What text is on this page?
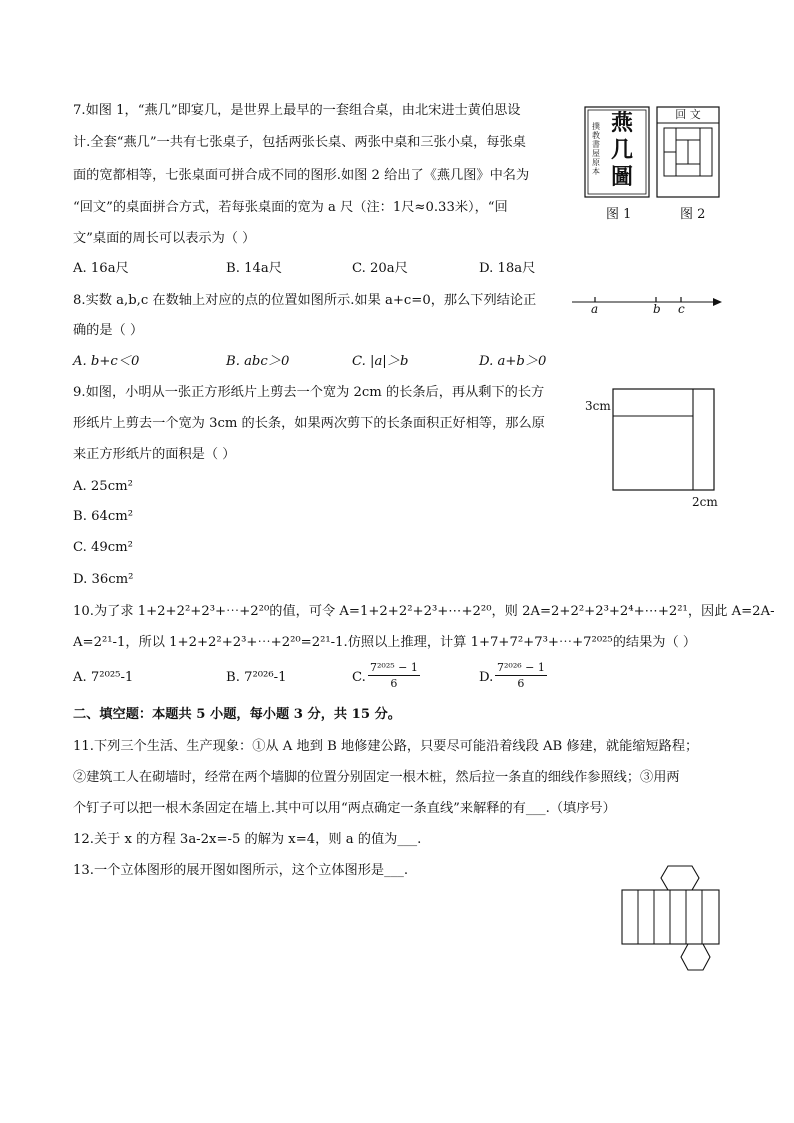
7.如图 1，“燕几”即宴几，是世界上最早的一套组合桌，由北宋进士黄伯思设
计.全套“燕几”一共有七张桌子，包括两张长桌、两张中桌和三张小桌，每张桌
面的宽都相等，七张桌面可拼合成不同的图形.如图 2 给出了《燕几图》中名为
“回文”的桌面拼合方式，若每张桌面的宽为 a 尺（注：1尺≈0.33米），“回
文”桌面的周长可以表示为（ ）
A. 16a尺	B. 14a尺	C. 20a尺	D. 18a尺
撲教書屋原本
燕几圖
回 文
图 1	图 2
8.实数 a,b,c 在数轴上对应的点的位置如图所示.如果 a+c=0，那么下列结论正
确的是（ ）
A. b+c＜0	B. abc＞0	C. |a|＞b	D. a+b＞0
a	b c
9.如图，小明从一张正方形纸片上剪去一个宽为 2cm 的长条后，再从剩下的长方
形纸片上剪去一个宽为 3cm 的长条，如果两次剪下的长条面积正好相等，那么原
来正方形纸片的面积是（ ）
A. 25cm²
B. 64cm²
C. 49cm²
D. 36cm²
3cm
2cm
10.为了求 1+2+2²+2³+⋯+2²⁰的值，可令 A=1+2+2²+2³+⋯+2²⁰，则 2A=2+2²+2³+2⁴+⋯+2²¹，因此 A=2A-
A=2²¹-1，所以 1+2+2²+2³+⋯+2²⁰=2²¹-1.仿照以上推理，计算 1+7+7²+7³+⋯+7²⁰²⁵的结果为（ ）
A. 7²⁰²⁵-1	B. 7²⁰²⁶-1	C. $\frac{\text{7²⁰²⁵ − 1}}{6}$	D. $\frac{\text{7²⁰²⁶ − 1}}{6}$
二、填空题：本题共 5 小题，每小题 3 分，共 15 分。
11.下列三个生活、生产现象：①从 A 地到 B 地修建公路，只要尽可能沿着线段 AB 修建，就能缩短路程；
②建筑工人在砌墙时，经常在两个墙脚的位置分别固定一根木桩，然后拉一条直的细线作参照线；③用两
个钉子可以把一根木条固定在墙上.其中可以用“两点确定一条直线”来解释的有___.（填序号）
12.关于 x 的方程 3a-2x=-5 的解为 x=4，则 a 的值为___.
13.一个立体图形的展开图如图所示，这个立体图形是___.
